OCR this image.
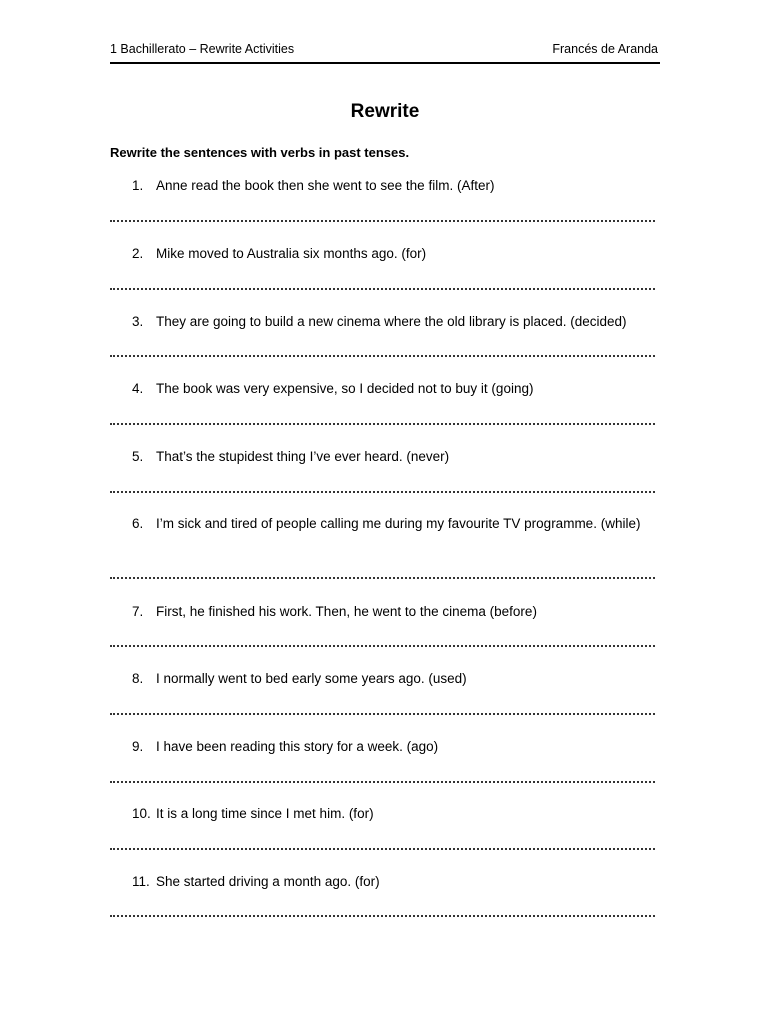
1 Bachillerato – Rewrite Activities	Francés de Aranda
Rewrite
Rewrite the sentences with verbs in past tenses.
1. Anne read the book then she went to see the film. (After)
2. Mike moved to Australia six months ago. (for)
3. They are going to build a new cinema where the old library is placed. (decided)
4. The book was very expensive, so I decided not to buy it (going)
5. That’s the stupidest thing I’ve ever heard. (never)
6. I’m sick and tired of people calling me during my favourite TV programme. (while)
7. First, he finished his work. Then, he went to the cinema (before)
8. I normally went to bed early some years ago. (used)
9. I have been reading this story for a week. (ago)
10. It is a long time since I met him. (for)
11. She started driving a month ago. (for)
